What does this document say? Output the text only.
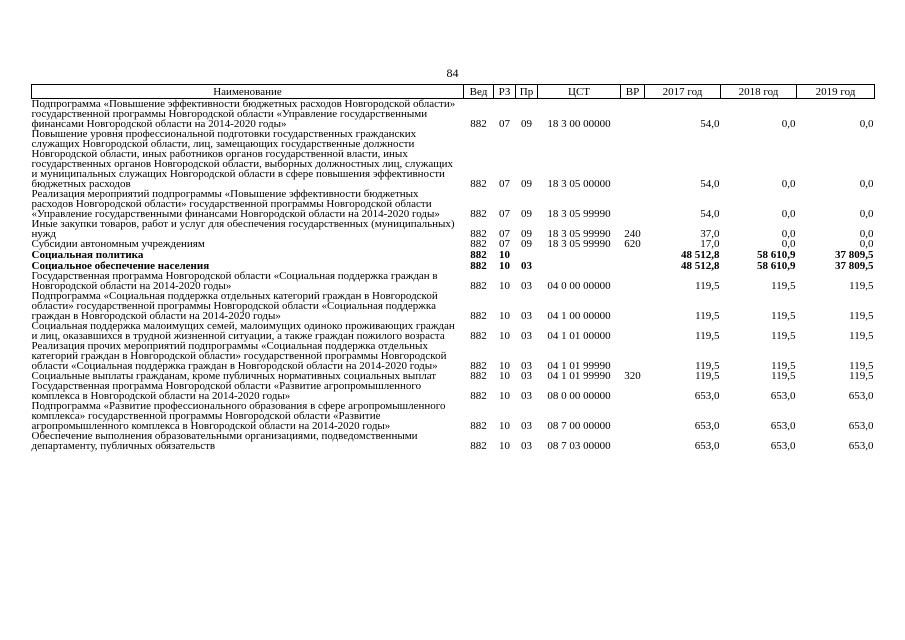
84
Наименование	Вед	РЗ	Пр	ЦСТ	ВР	2017 год	2018 год	2019 год
Подпрограмма «Повышение эффективности бюджетных расходов Новгородской области» государственной программы Новгородской области «Управление государственными финансами Новгородской области на 2014-2020 годы»	882	07	09	18 3 00 00000		54,0	0,0	0,0
Повышение уровня профессиональной подготовки государственных гражданских служащих Новгородской области, лиц, замещающих государственные должности Новгородской области, иных работников органов государственной власти, иных государственных органов Новгородской области, выборных должностных лиц, служащих и муниципальных служащих Новгородской области в сфере повышения эффективности бюджетных расходов	882	07	09	18 3 05 00000		54,0	0,0	0,0
Реализация мероприятий подпрограммы «Повышение эффективности бюджетных расходов Новгородской области» государственной программы Новгородской области «Управление государственными финансами Новгородской области на 2014-2020 годы»	882	07	09	18 3 05 99990		54,0	0,0	0,0
Иные закупки товаров, работ и услуг для обеспечения государственных (муниципальных) нужд	882	07	09	18 3 05 99990	240	37,0	0,0	0,0
Субсидии автономным учреждениям	882	07	09	18 3 05 99990	620	17,0	0,0	0,0
Социальная политика	882	10				48 512,8	58 610,9	37 809,5
Социальное обеспечение населения	882	10	03			48 512,8	58 610,9	37 809,5
Государственная программа Новгородской области «Социальная поддержка граждан в Новгородской области на 2014-2020 годы»	882	10	03	04 0 00 00000		119,5	119,5	119,5
Подпрограмма «Социальная поддержка отдельных категорий граждан в Новгородской области» государственной программы Новгородской области «Социальная поддержка граждан в Новгородской области на 2014-2020 годы»	882	10	03	04 1 00 00000		119,5	119,5	119,5
Социальная поддержка малоимущих семей, малоимущих одиноко проживающих граждан и лиц, оказавшихся в трудной жизненной ситуации, а также граждан пожилого возраста	882	10	03	04 1 01 00000		119,5	119,5	119,5
Реализация прочих мероприятий подпрограммы «Социальная поддержка отдельных категорий граждан в Новгородской области» государственной программы Новгородской области «Социальная поддержка граждан в Новгородской области на 2014-2020 годы»	882	10	03	04 1 01 99990		119,5	119,5	119,5
Социальные выплаты гражданам, кроме публичных нормативных социальных выплат	882	10	03	04 1 01 99990	320	119,5	119,5	119,5
Государственная программа Новгородской области «Развитие агропромышленного комплекса в Новгородской области на 2014-2020 годы»	882	10	03	08 0 00 00000		653,0	653,0	653,0
Подпрограмма «Развитие профессионального образования в сфере агропромышленного комплекса» государственной программы Новгородской области «Развитие агропромышленного комплекса в Новгородской области на 2014-2020 годы»	882	10	03	08 7 00 00000		653,0	653,0	653,0
Обеспечение выполнения образовательными организациями, подведомственными департаменту, публичных обязательств	882	10	03	08 7 03 00000		653,0	653,0	653,0
